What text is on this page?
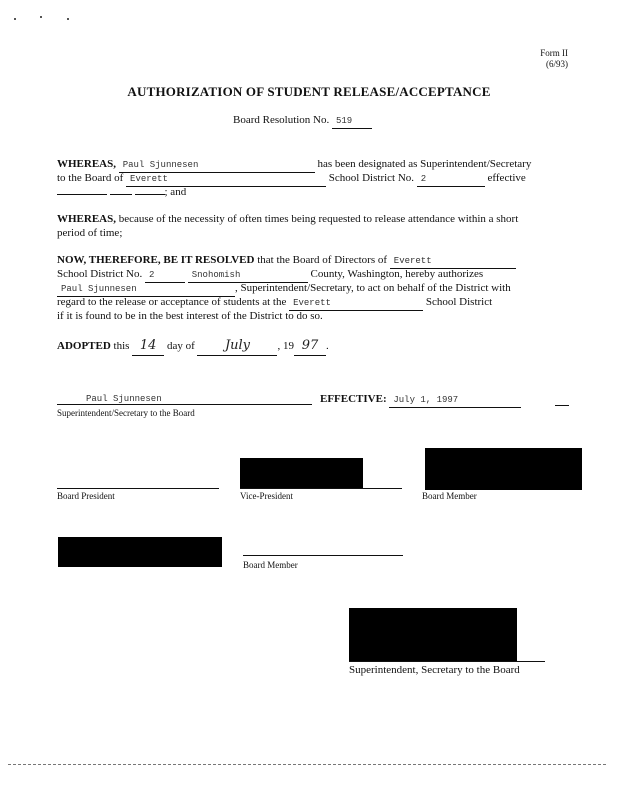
Form II
(6/93)
AUTHORIZATION OF STUDENT RELEASE/ACCEPTANCE
Board Resolution No. 519
WHEREAS, Paul Sjunnesen	has been designated as Superintendent/Secretary
to the Board of Everett	School District No. 2	effective
; and
WHEREAS, because of the necessity of often times being requested to release attendance within a short
period of time;
NOW, THEREFORE, BE IT RESOLVED that the Board of Directors of Everett
School District No. 2	Snohomish	County, Washington, hereby authorizes
Paul Sjunnesen	, Superintendent/Secretary, to act on behalf of the District with
regard to the release or acceptance of students at the Everett	School District
if it is found to be in the best interest of the District to do so.
ADOPTED this 14 day of July , 19 97 .
Paul Sjunnesen
Superintendent/Secretary to the Board
EFFECTIVE: July 1, 1997
Board President	Vice-President	Board Member
Board Member
Superintendent, Secretary to the Board
